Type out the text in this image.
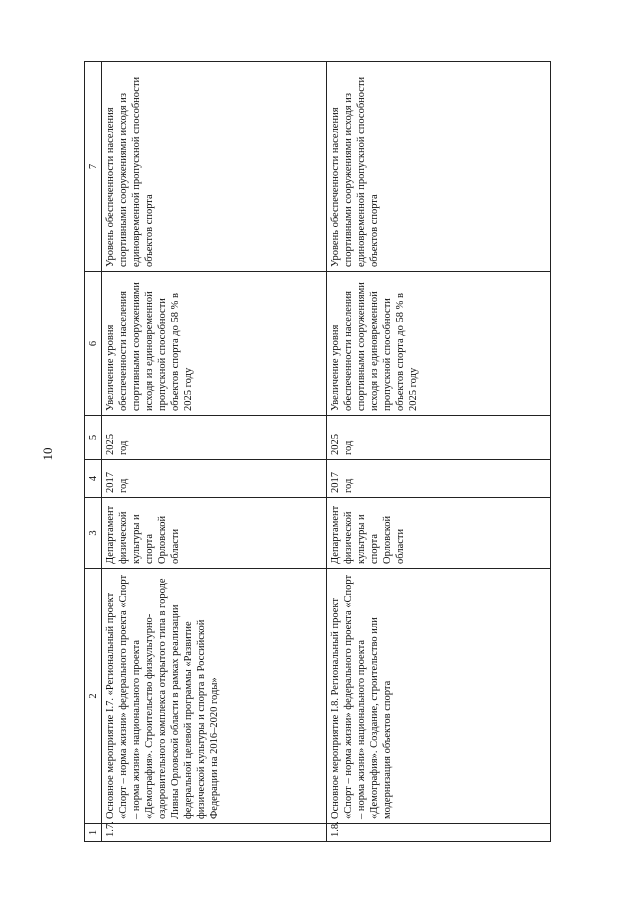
10
1	2	3	4	5	6	7
1.7.	Основное мероприятие I.7. «Региональный проект «Спорт – норма жизни» федерального проекта «Спорт – норма жизни» национального проекта «Демография». Строительство физкультурно-оздоровительного комплекса открытого типа в городе Ливны Орловской области в рамках реализации федеральной целевой программы «Развитие физической культуры и спорта в Российской Федерации на 2016–2020 годы»	Департамент физической культуры и спорта Орловской области	2017 год	2025 год	Увеличение уровня обеспеченности населения спортивными сооружениями исходя из единовременной пропускной способности объектов спорта до 58 % в 2025 году	Уровень обеспеченности населения спортивными сооружениями исходя из единовременной пропускной способности объектов спорта
1.8.	Основное мероприятие I.8. Региональный проект «Спорт – норма жизни» федерального проекта «Спорт – норма жизни» национального проекта «Демография». Создание, строительство или модернизация объектов спорта	Департамент физической культуры и спорта Орловской области	2017 год	2025 год	Увеличение уровня обеспеченности населения спортивными сооружениями исходя из единовременной пропускной способности объектов спорта до 58 % в 2025 году	Уровень обеспеченности населения спортивными сооружениями исходя из единовременной пропускной способности объектов спорта
